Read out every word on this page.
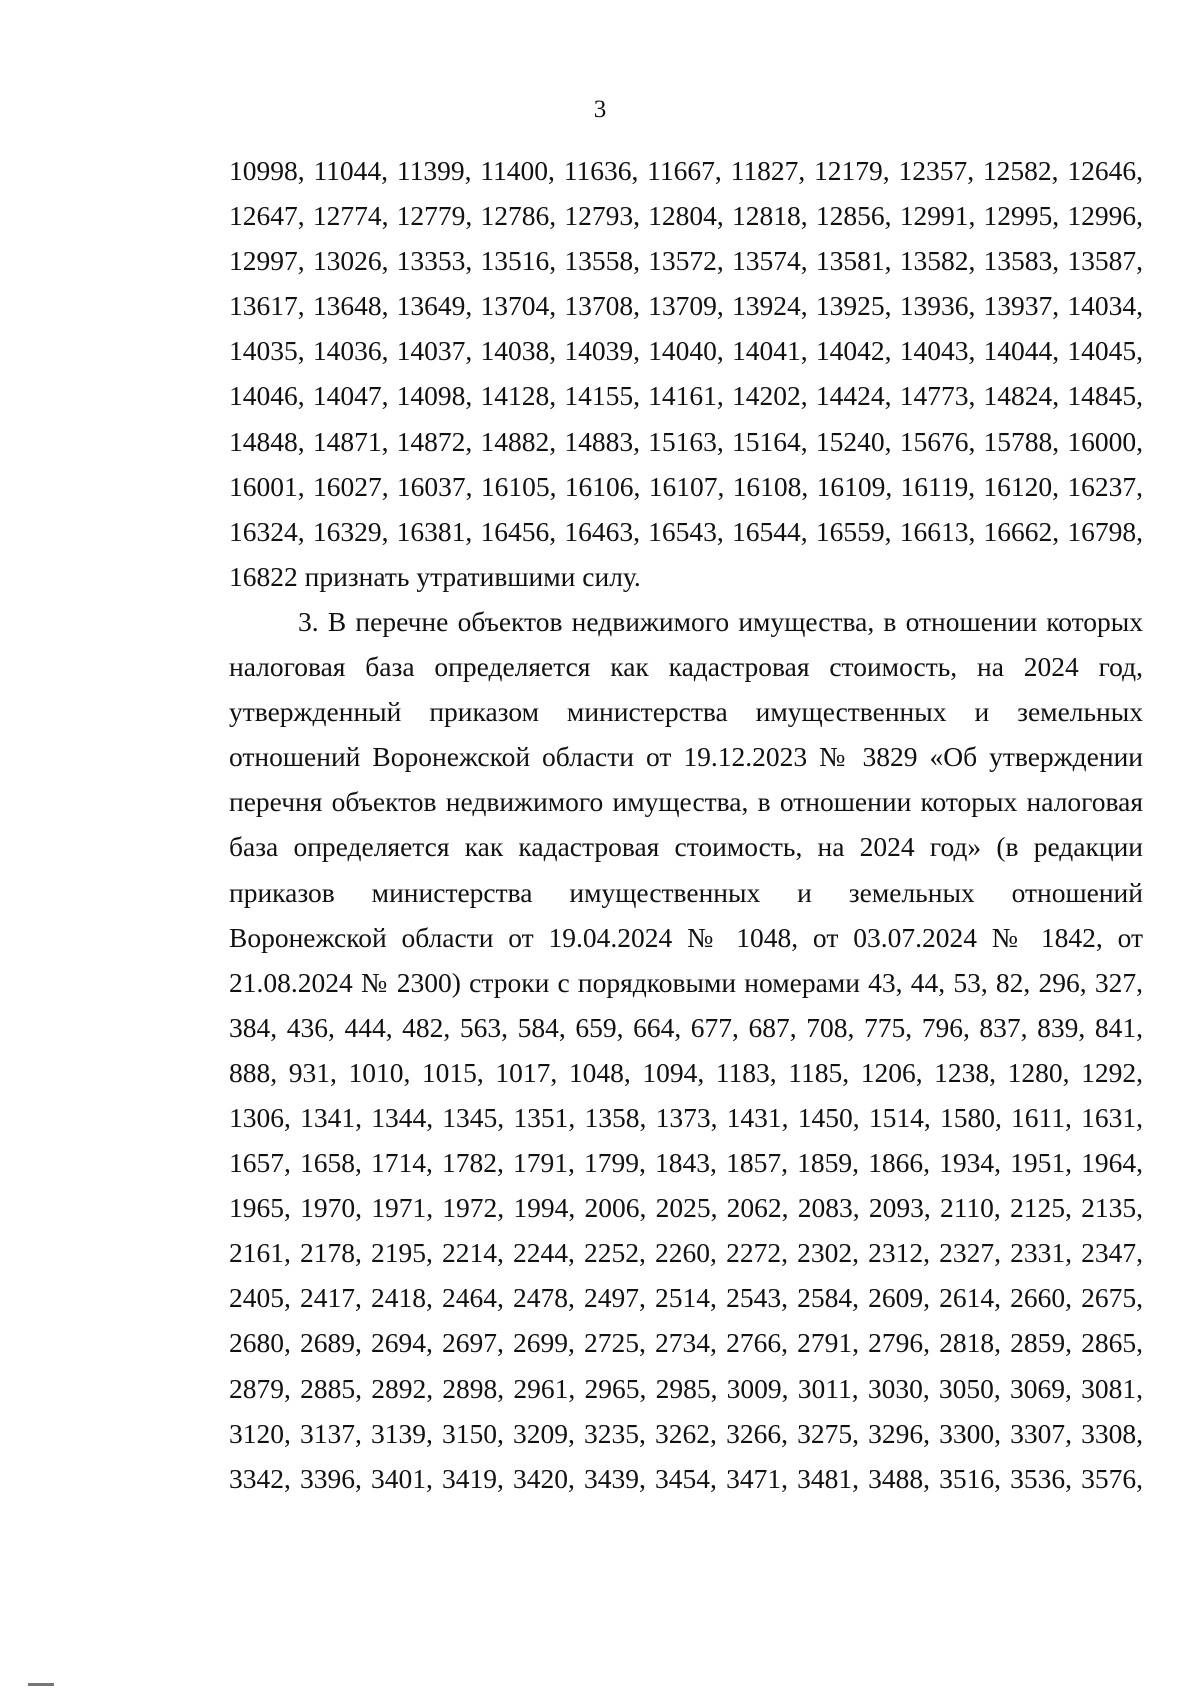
3

10998, 11044, 11399, 11400, 11636, 11667, 11827, 12179, 12357, 12582, 12646,

12647, 12774, 12779, 12786, 12793, 12804, 12818, 12856, 12991, 12995, 12996,

12997, 13026, 13353, 13516, 13558, 13572, 13574, 13581, 13582, 13583, 13587,

13617, 13648, 13649, 13704, 13708, 13709, 13924, 13925, 13936, 13937, 14034,

14035, 14036, 14037, 14038, 14039, 14040, 14041, 14042, 14043, 14044, 14045,

14046, 14047, 14098, 14128, 14155, 14161, 14202, 14424, 14773, 14824, 14845,

14848, 14871, 14872, 14882, 14883, 15163, 15164, 15240, 15676, 15788, 16000,

16001, 16027, 16037, 16105, 16106, 16107, 16108, 16109, 16119, 16120, 16237,

16324, 16329, 16381, 16456, 16463, 16543, 16544, 16559, 16613, 16662, 16798,

16822 признать утратившими силу.

3. В перечне объектов недвижимого имущества, в отношении которых

налоговая база определяется как кадастровая стоимость, на 2024 год,

утвержденный приказом министерства имущественных и земельных

отношений Воронежской области от 19.12.2023 № 3829 «Об утверждении

перечня объектов недвижимого имущества, в отношении которых налоговая

база определяется как кадастровая стоимость, на 2024 год» (в редакции

приказов министерства имущественных и земельных отношений

Воронежской области от 19.04.2024 № 1048, от 03.07.2024 № 1842, от

21.08.2024 № 2300) строки с порядковыми номерами 43, 44, 53, 82, 296, 327,

384, 436, 444, 482, 563, 584, 659, 664, 677, 687, 708, 775, 796, 837, 839, 841,

888, 931, 1010, 1015, 1017, 1048, 1094, 1183, 1185, 1206, 1238, 1280, 1292,

1306, 1341, 1344, 1345, 1351, 1358, 1373, 1431, 1450, 1514, 1580, 1611, 1631,

1657, 1658, 1714, 1782, 1791, 1799, 1843, 1857, 1859, 1866, 1934, 1951, 1964,

1965, 1970, 1971, 1972, 1994, 2006, 2025, 2062, 2083, 2093, 2110, 2125, 2135,

2161, 2178, 2195, 2214, 2244, 2252, 2260, 2272, 2302, 2312, 2327, 2331, 2347,

2405, 2417, 2418, 2464, 2478, 2497, 2514, 2543, 2584, 2609, 2614, 2660, 2675,

2680, 2689, 2694, 2697, 2699, 2725, 2734, 2766, 2791, 2796, 2818, 2859, 2865,

2879, 2885, 2892, 2898, 2961, 2965, 2985, 3009, 3011, 3030, 3050, 3069, 3081,

3120, 3137, 3139, 3150, 3209, 3235, 3262, 3266, 3275, 3296, 3300, 3307, 3308,

3342, 3396, 3401, 3419, 3420, 3439, 3454, 3471, 3481, 3488, 3516, 3536, 3576,
